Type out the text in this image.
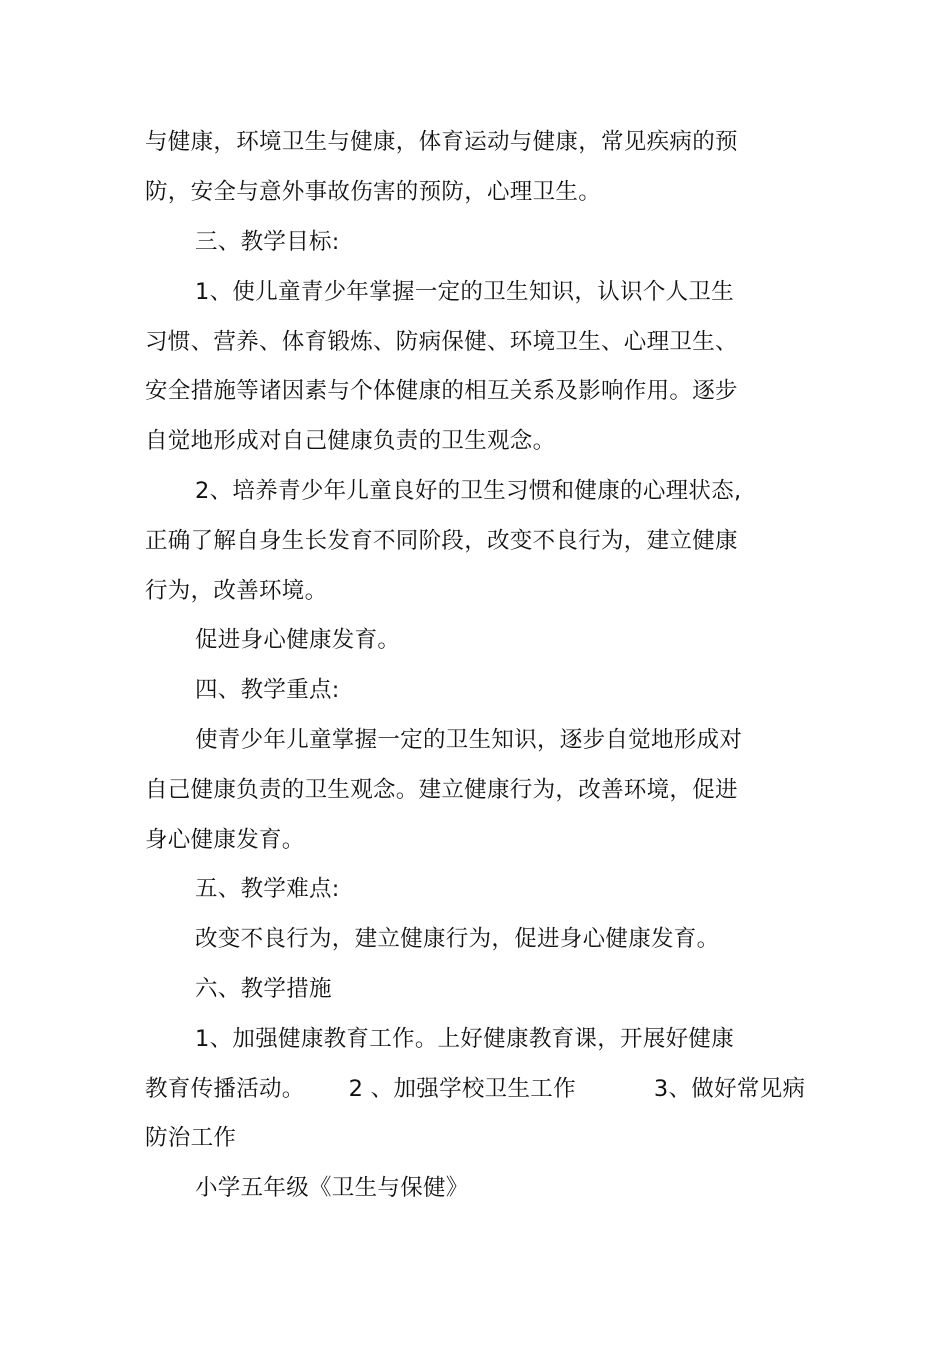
与健康，环境卫生与健康，体育运动与健康，常见疾病的预
防，安全与意外事故伤害的预防，心理卫生。
三、教学目标:
1、使儿童青少年掌握一定的卫生知识，认识个人卫生
习惯、营养、体育锻炼、防病保健、环境卫生、心理卫生、
安全措施等诸因素与个体健康的相互关系及影响作用。逐步
自觉地形成对自己健康负责的卫生观念。
2、培养青少年儿童良好的卫生习惯和健康的心理状态,
正确了解自身生长发育不同阶段，改变不良行为，建立健康
行为，改善环境。
促进身心健康发育。
四、教学重点:
使青少年儿童掌握一定的卫生知识，逐步自觉地形成对
自己健康负责的卫生观念。建立健康行为，改善环境，促进
身心健康发育。
五、教学难点:
改变不良行为，建立健康行为，促进身心健康发育。
六、教学措施
1、加强健康教育工作。上好健康教育课，开展好健康
教育传播活动。 2 、加强学校卫生工作	3、做好常见病
防治工作
小学五年级《卫生与保健》
